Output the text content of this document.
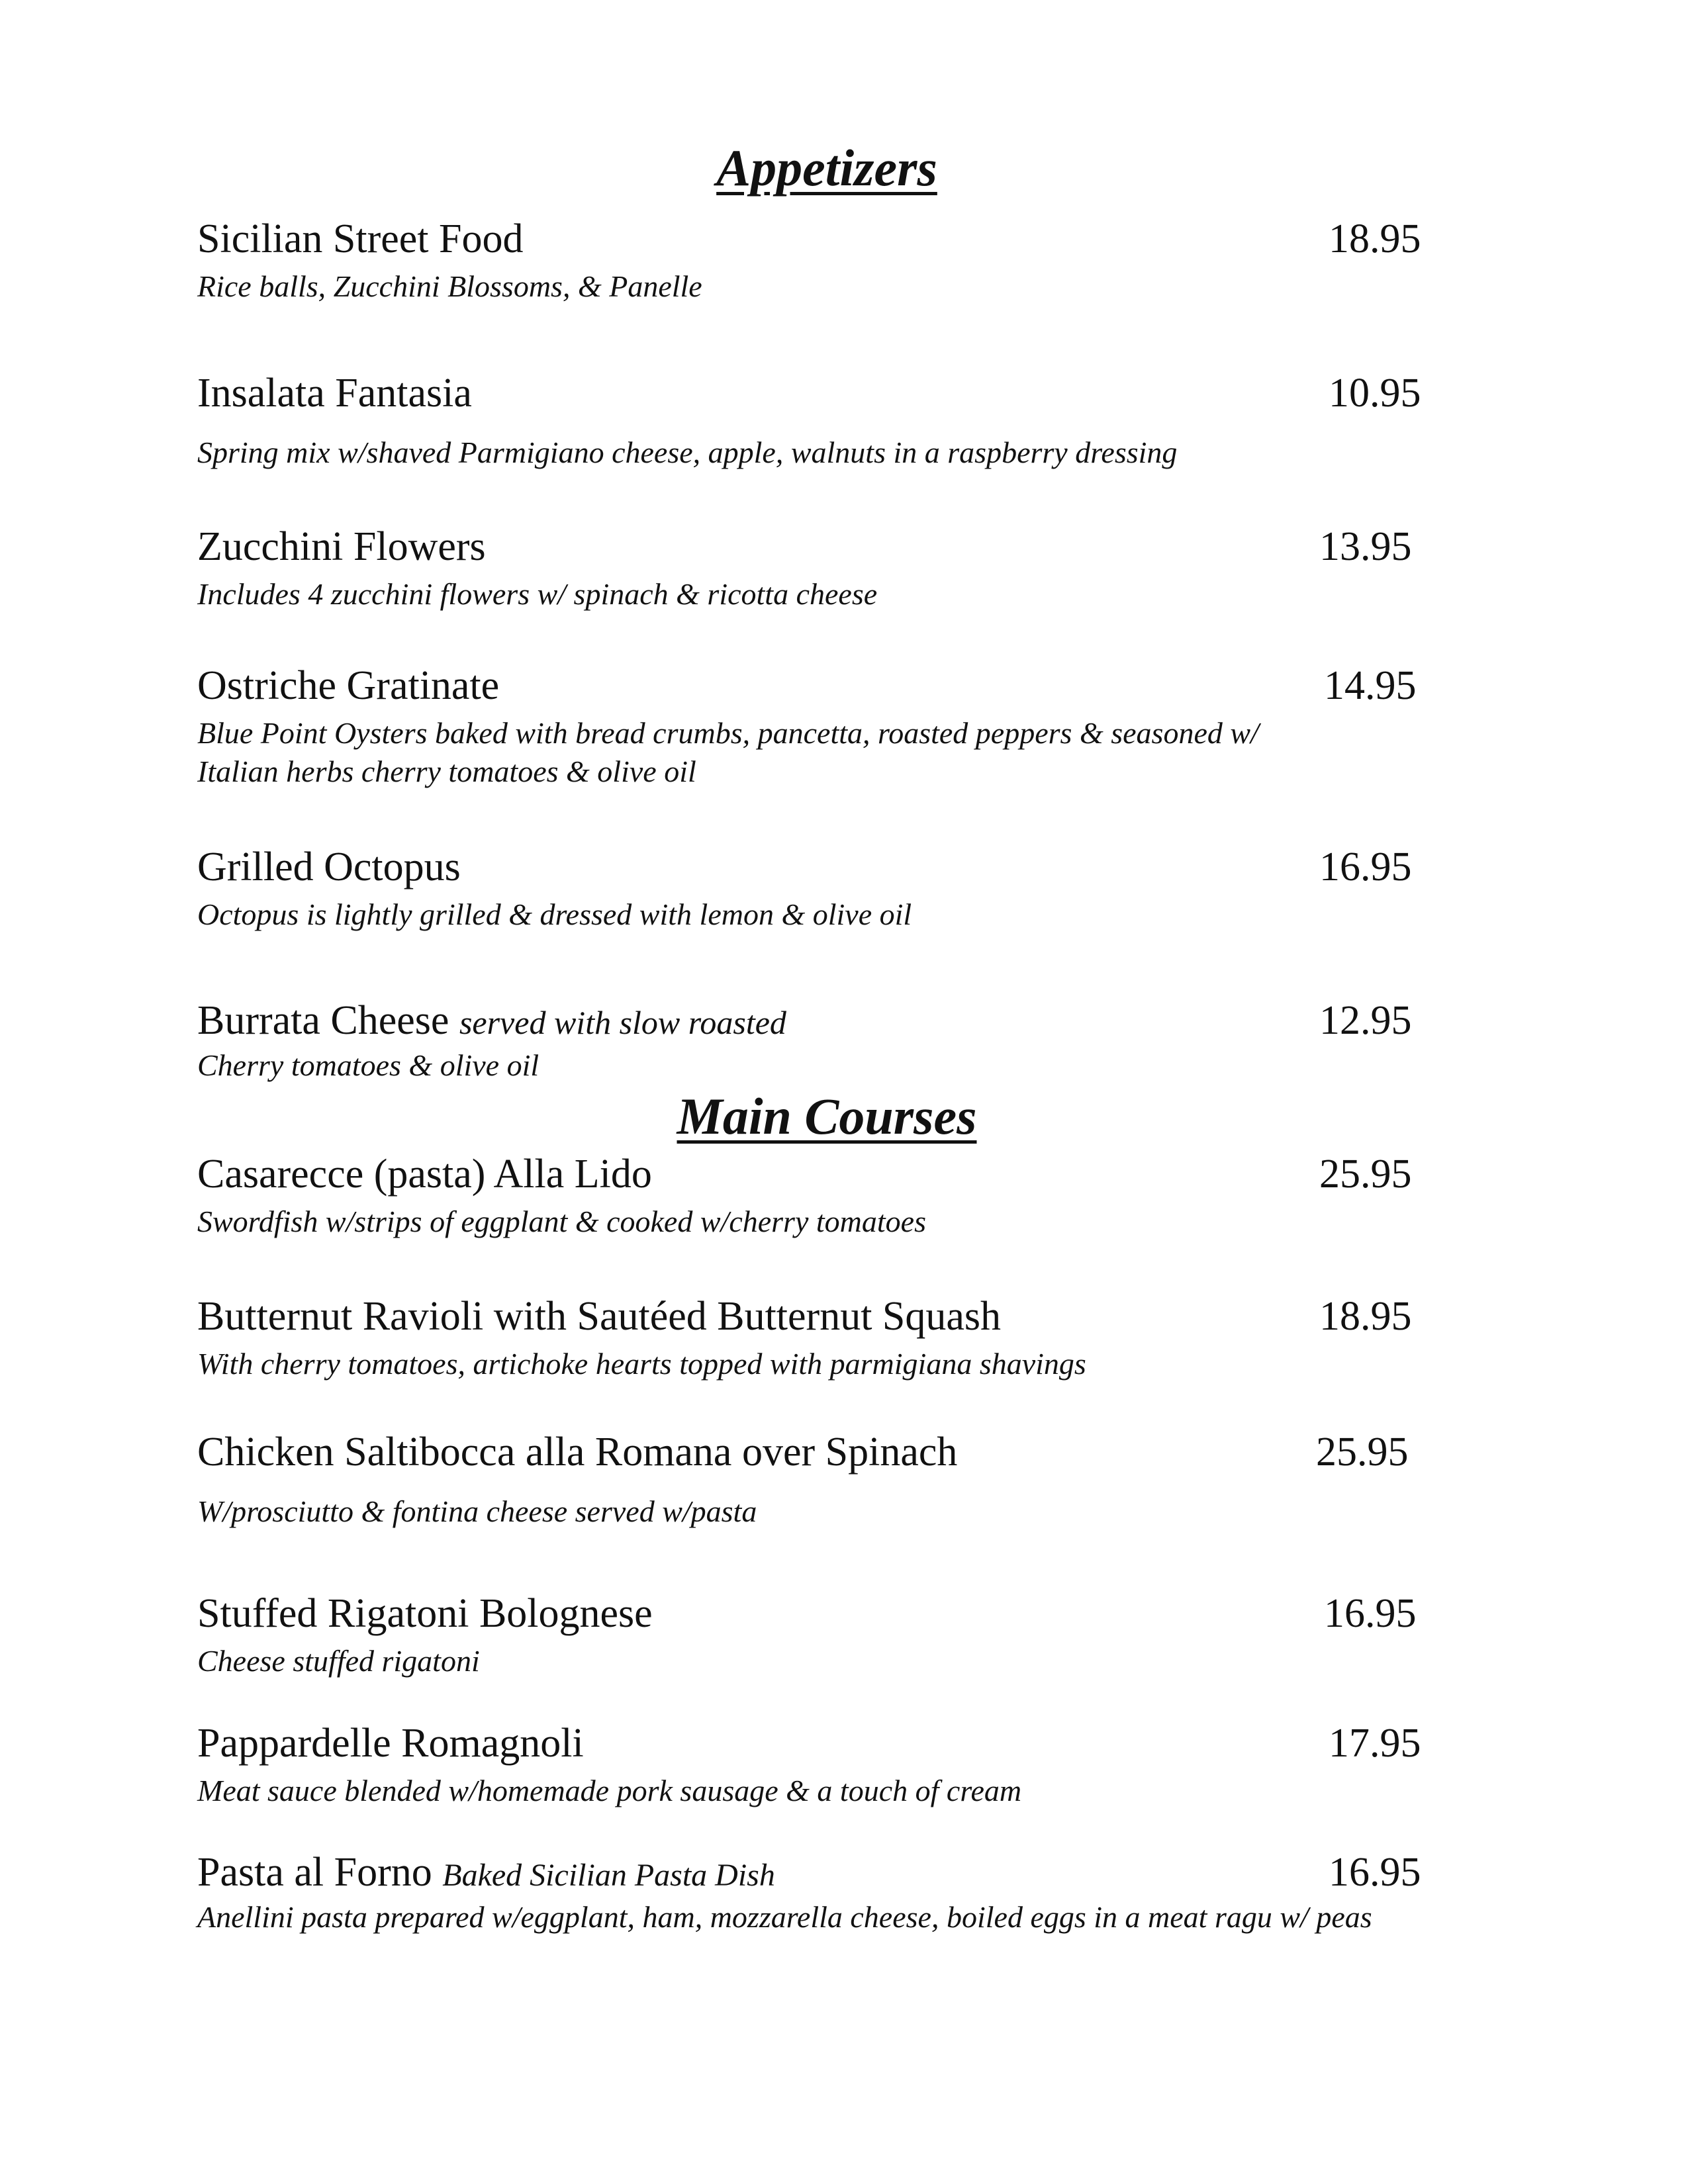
Appetizers
Sicilian Street Food
Rice balls, Zucchini Blossoms, & Panelle
18.95
Insalata Fantasia
Spring mix w/shaved Parmigiano cheese, apple, walnuts in a raspberry dressing
10.95
Zucchini Flowers
Includes 4 zucchini flowers w/ spinach & ricotta cheese
13.95
Ostriche Gratinate
Blue Point Oysters baked with bread crumbs, pancetta, roasted peppers & seasoned w/ Italian herbs cherry tomatoes & olive oil
14.95
Grilled Octopus
Octopus is lightly grilled & dressed with lemon & olive oil
16.95
Burrata Cheese served with slow roasted
Cherry tomatoes & olive oil
12.95
Main Courses
Casarecce (pasta) Alla Lido
Swordfish w/strips of eggplant & cooked w/cherry tomatoes
25.95
Butternut Ravioli with Sautéed Butternut Squash
With cherry tomatoes, artichoke hearts topped with parmigiana shavings
18.95
Chicken Saltibocca alla Romana over Spinach
W/prosciutto & fontina cheese served w/pasta
25.95
Stuffed Rigatoni Bolognese
Cheese stuffed rigatoni
16.95
Pappardelle Romagnoli
Meat sauce blended w/homemade pork sausage & a touch of cream
17.95
Pasta al Forno Baked Sicilian Pasta Dish
Anellini pasta prepared w/eggplant, ham, mozzarella cheese, boiled eggs in a meat ragu w/ peas
16.95
